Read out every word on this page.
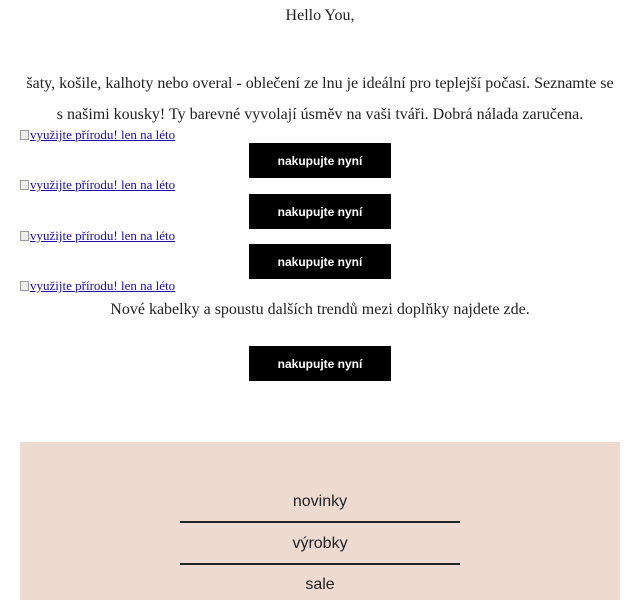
Hello You,
šaty, košile, kalhoty nebo overal - oblečení ze lnu je ideální pro teplejší počasí. Seznamte se s našimi kousky! Ty barevné vyvolají úsměv na vaši tváři. Dobrá nálada zaručena.
využijte přírodu! len na léto
nakupujte nyní
využijte přírodu! len na léto
nakupujte nyní
využijte přírodu! len na léto
nakupujte nyní
využijte přírodu! len na léto
Nové kabelky a spoustu dalších trendů mezi doplňky najdete zde.
nakupujte nyní
novinky
výrobky
sale
